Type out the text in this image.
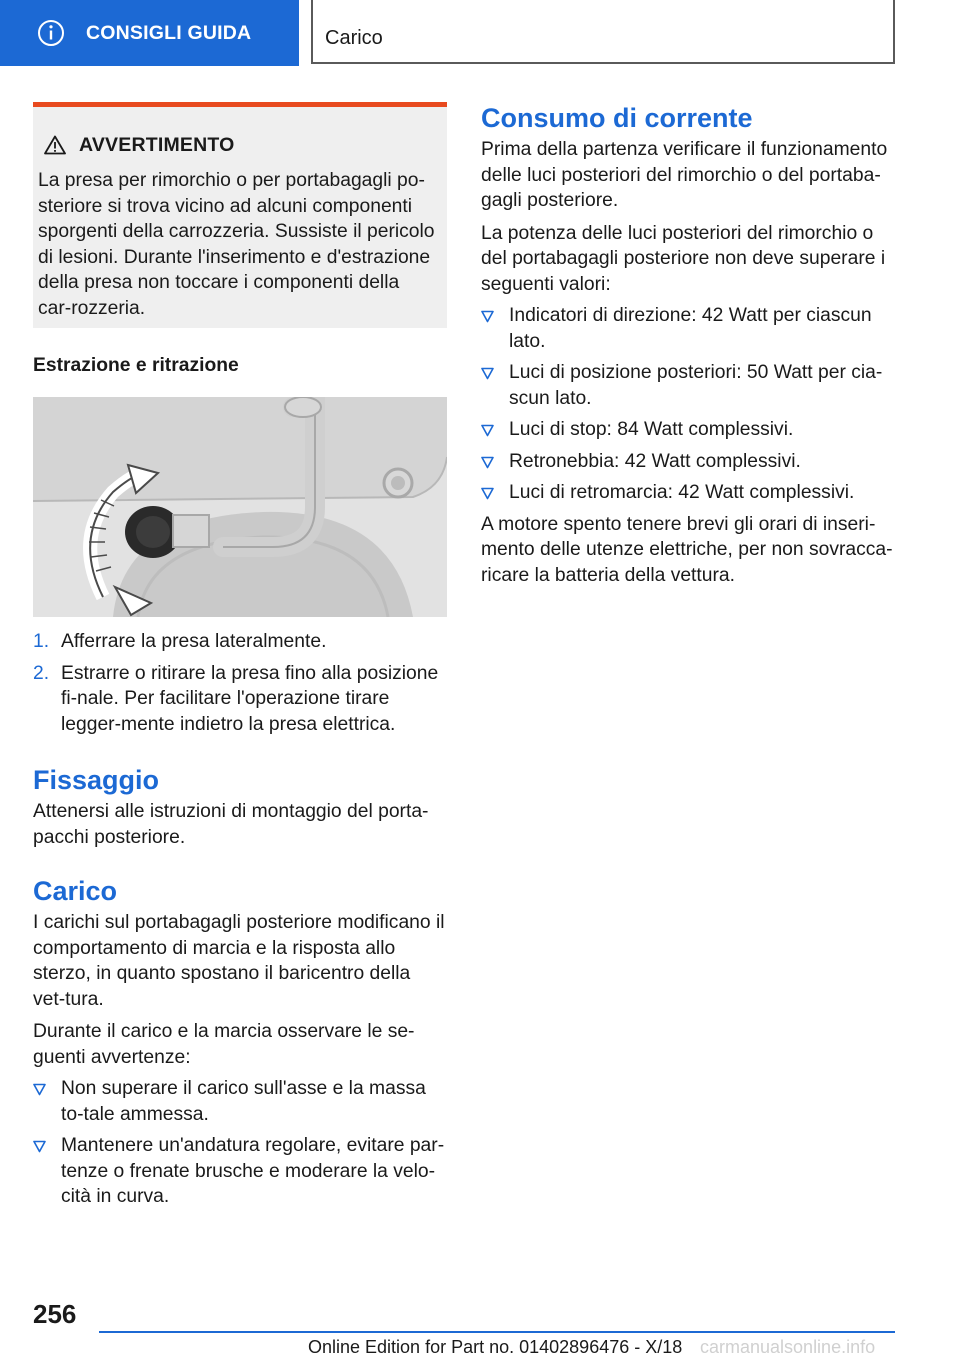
CONSIGLI GUIDA	Carico
AVVERTIMENTO

La presa per rimorchio o per portabagagli po-steriore si trova vicino ad alcuni componenti sporgenti della carrozzeria. Sussiste il pericolo di lesioni. Durante l'inserimento e d'estrazione della presa non toccare i componenti della car-rozzeria.

Estrazione e ritrazione
1. Afferrare la presa lateralmente.
2. Estrarre o ritirare la presa fino alla posizione fi-nale. Per facilitare l'operazione tirare legger-mente indietro la presa elettrica.
Fissaggio

Attenersi alle istruzioni di montaggio del porta-pacchi posteriore.

Carico

I carichi sul portabagagli posteriore modificano il comportamento di marcia e la risposta allo sterzo, in quanto spostano il baricentro della vet-tura.

Durante il carico e la marcia osservare le se-guenti avvertenze:

Non superare il carico sull'asse e la massa to-tale ammessa.
Mantenere un'andatura regolare, evitare par-tenze o frenate brusche e moderare la velo-cità in curva.
Consumo di corrente

Prima della partenza verificare il funzionamento delle luci posteriori del rimorchio o del portaba-gagli posteriore.

La potenza delle luci posteriori del rimorchio o del portabagagli posteriore non deve superare i seguenti valori:

Indicatori di direzione: 42 Watt per ciascun lato.
Luci di posizione posteriori: 50 Watt per cia-scun lato.
Luci di stop: 84 Watt complessivi.
Retronebbia: 42 Watt complessivi.
Luci di retromarcia: 42 Watt complessivi.

A motore spento tenere brevi gli orari di inseri-mento delle utenze elettriche, per non sovracca-ricare la batteria della vettura.

256
Online Edition for Part no. 01402896476 - X/18 carmanualsonline.info
